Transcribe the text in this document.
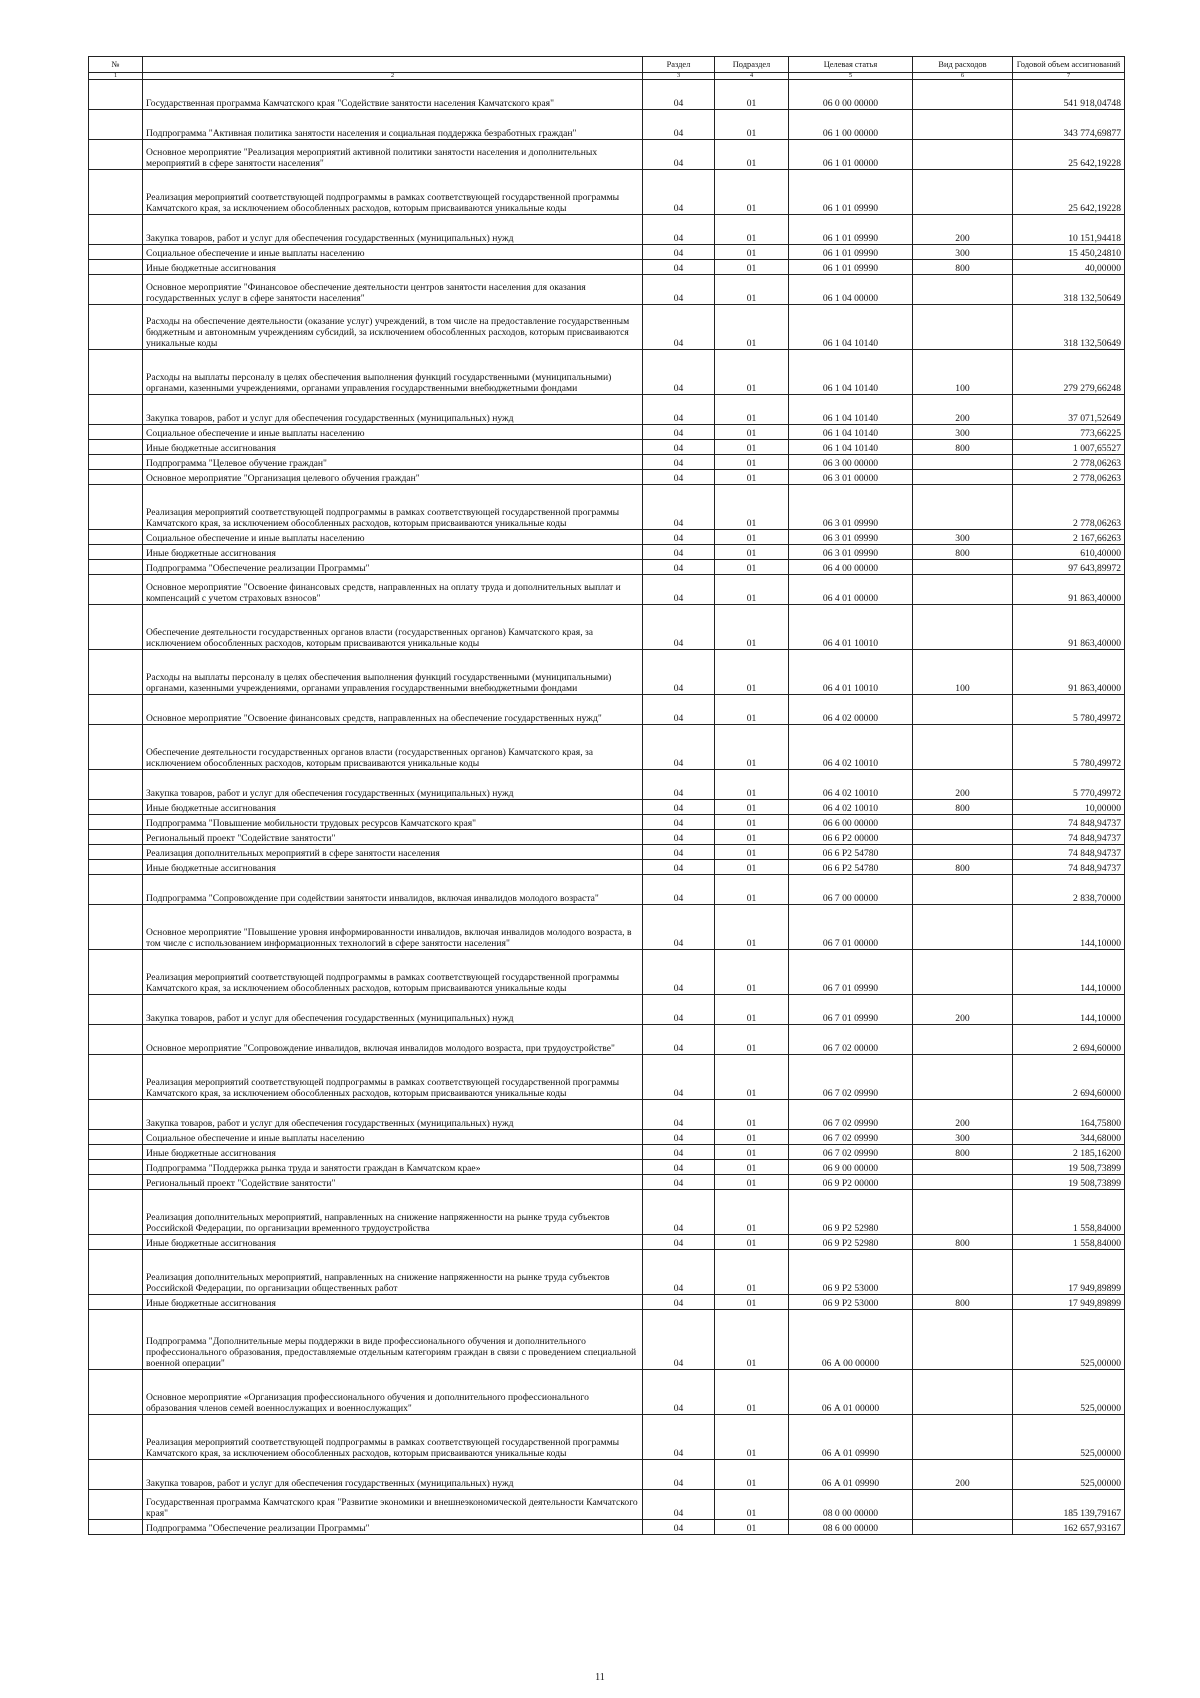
№		Раздел	Подраздел	Целевая статья	Вид расходов	Годовой объем ассигнований
1	2	3	4	5	6	7
	Государственная программа Камчатского края "Содействие занятости населения Камчатского края"	04	01	06 0 00 00000		541 918,04748
	Подпрограмма "Активная политика занятости населения и социальная поддержка безработных граждан"	04	01	06 1 00 00000		343 774,69877
	Основное мероприятие "Реализация мероприятий активной политики занятости населения и дополнительных мероприятий в сфере занятости населения"	04	01	06 1 01 00000		25 642,19228
	Реализация мероприятий соответствующей подпрограммы в рамках соответствующей государственной программы Камчатского края, за исключением обособленных расходов, которым присваиваются уникальные коды	04	01	06 1 01 09990		25 642,19228
	Закупка товаров, работ и услуг для обеспечения государственных (муниципальных) нужд	04	01	06 1 01 09990	200	10 151,94418
	Социальное обеспечение и иные выплаты населению	04	01	06 1 01 09990	300	15 450,24810
	Иные бюджетные ассигнования	04	01	06 1 01 09990	800	40,00000
	Основное мероприятие "Финансовое обеспечение деятельности центров занятости населения для оказания государственных услуг в сфере занятости населения"	04	01	06 1 04 00000		318 132,50649
	Расходы на обеспечение деятельности (оказание услуг) учреждений, в том числе на предоставление государственным бюджетным и автономным учреждениям субсидий, за исключением обособленных расходов, которым присваиваются уникальные коды	04	01	06 1 04 10140		318 132,50649
	Расходы на выплаты персоналу в целях обеспечения выполнения функций государственными (муниципальными) органами, казенными учреждениями, органами управления государственными внебюджетными фондами	04	01	06 1 04 10140	100	279 279,66248
	Закупка товаров, работ и услуг для обеспечения государственных (муниципальных) нужд	04	01	06 1 04 10140	200	37 071,52649
	Социальное обеспечение и иные выплаты населению	04	01	06 1 04 10140	300	773,66225
	Иные бюджетные ассигнования	04	01	06 1 04 10140	800	1 007,65527
	Подпрограмма "Целевое обучение граждан"	04	01	06 3 00 00000		2 778,06263
	Основное мероприятие "Организация целевого обучения граждан"	04	01	06 3 01 00000		2 778,06263
	Реализация мероприятий соответствующей подпрограммы в рамках соответствующей государственной программы Камчатского края, за исключением обособленных расходов, которым присваиваются уникальные коды	04	01	06 3 01 09990		2 778,06263
	Социальное обеспечение и иные выплаты населению	04	01	06 3 01 09990	300	2 167,66263
	Иные бюджетные ассигнования	04	01	06 3 01 09990	800	610,40000
	Подпрограмма "Обеспечение реализации Программы"	04	01	06 4 00 00000		97 643,89972
	Основное мероприятие "Освоение финансовых средств, направленных на оплату труда и дополнительных выплат и компенсаций с учетом страховых взносов"	04	01	06 4 01 00000		91 863,40000
	Обеспечение деятельности государственных органов власти (государственных органов) Камчатского края, за исключением обособленных расходов, которым присваиваются уникальные коды	04	01	06 4 01 10010		91 863,40000
	Расходы на выплаты персоналу в целях обеспечения выполнения функций государственными (муниципальными) органами, казенными учреждениями, органами управления государственными внебюджетными фондами	04	01	06 4 01 10010	100	91 863,40000
	Основное мероприятие "Освоение финансовых средств, направленных на обеспечение государственных нужд"	04	01	06 4 02 00000		5 780,49972
	Обеспечение деятельности государственных органов власти (государственных органов) Камчатского края, за исключением обособленных расходов, которым присваиваются уникальные коды	04	01	06 4 02 10010		5 780,49972
	Закупка товаров, работ и услуг для обеспечения государственных (муниципальных) нужд	04	01	06 4 02 10010	200	5 770,49972
	Иные бюджетные ассигнования	04	01	06 4 02 10010	800	10,00000
	Подпрограмма "Повышение мобильности трудовых ресурсов Камчатского края"	04	01	06 6 00 00000		74 848,94737
	Региональный проект "Содействие занятости"	04	01	06 6 P2 00000		74 848,94737
	Реализация дополнительных мероприятий в сфере занятости населения	04	01	06 6 P2 54780		74 848,94737
	Иные бюджетные ассигнования	04	01	06 6 P2 54780	800	74 848,94737
	Подпрограмма "Сопровождение при содействии занятости инвалидов, включая инвалидов молодого возраста"	04	01	06 7 00 00000		2 838,70000
	Основное мероприятие "Повышение уровня информированности инвалидов, включая инвалидов молодого возраста, в том числе с использованием информационных технологий в сфере занятости населения"	04	01	06 7 01 00000		144,10000
	Реализация мероприятий соответствующей подпрограммы в рамках соответствующей государственной программы Камчатского края, за исключением обособленных расходов, которым присваиваются уникальные коды	04	01	06 7 01 09990		144,10000
	Закупка товаров, работ и услуг для обеспечения государственных (муниципальных) нужд	04	01	06 7 01 09990	200	144,10000
	Основное мероприятие "Сопровождение инвалидов, включая инвалидов молодого возраста, при трудоустройстве"	04	01	06 7 02 00000		2 694,60000
	Реализация мероприятий соответствующей подпрограммы в рамках соответствующей государственной программы Камчатского края, за исключением обособленных расходов, которым присваиваются уникальные коды	04	01	06 7 02 09990		2 694,60000
	Закупка товаров, работ и услуг для обеспечения государственных (муниципальных) нужд	04	01	06 7 02 09990	200	164,75800
	Социальное обеспечение и иные выплаты населению	04	01	06 7 02 09990	300	344,68000
	Иные бюджетные ассигнования	04	01	06 7 02 09990	800	2 185,16200
	Подпрограмма "Поддержка рынка труда и занятости граждан в Камчатском крае»	04	01	06 9 00 00000		19 508,73899
	Региональный проект "Содействие занятости"	04	01	06 9 P2 00000		19 508,73899
	Реализация дополнительных мероприятий, направленных на снижение напряженности на рынке труда субъектов Российской Федерации, по организации временного трудоустройства	04	01	06 9 P2 52980		1 558,84000
	Иные бюджетные ассигнования	04	01	06 9 P2 52980	800	1 558,84000
	Реализация дополнительных мероприятий, направленных на снижение напряженности на рынке труда субъектов Российской Федерации, по организации общественных работ	04	01	06 9 P2 53000		17 949,89899
	Иные бюджетные ассигнования	04	01	06 9 P2 53000	800	17 949,89899
	Подпрограмма "Дополнительные меры поддержки в виде профессионального обучения и дополнительного профессионального образования, предоставляемые отдельным категориям граждан в связи с проведением специальной военной операции"	04	01	06 А 00 00000		525,00000
	Основное мероприятие «Организация профессионального обучения и дополнительного профессионального образования членов семей военнослужащих и военнослужащих"	04	01	06 А 01 00000		525,00000
	Реализация мероприятий соответствующей подпрограммы в рамках соответствующей государственной программы Камчатского края, за исключением обособленных расходов, которым присваиваются уникальные коды	04	01	06 А 01 09990		525,00000
	Закупка товаров, работ и услуг для обеспечения государственных (муниципальных) нужд	04	01	06 А 01 09990	200	525,00000
	Государственная программа Камчатского края "Развитие экономики и внешнеэкономической деятельности Камчатского края"	04	01	08 0 00 00000		185 139,79167
	Подпрограмма "Обеспечение реализации Программы"	04	01	08 6 00 00000		162 657,93167
11
